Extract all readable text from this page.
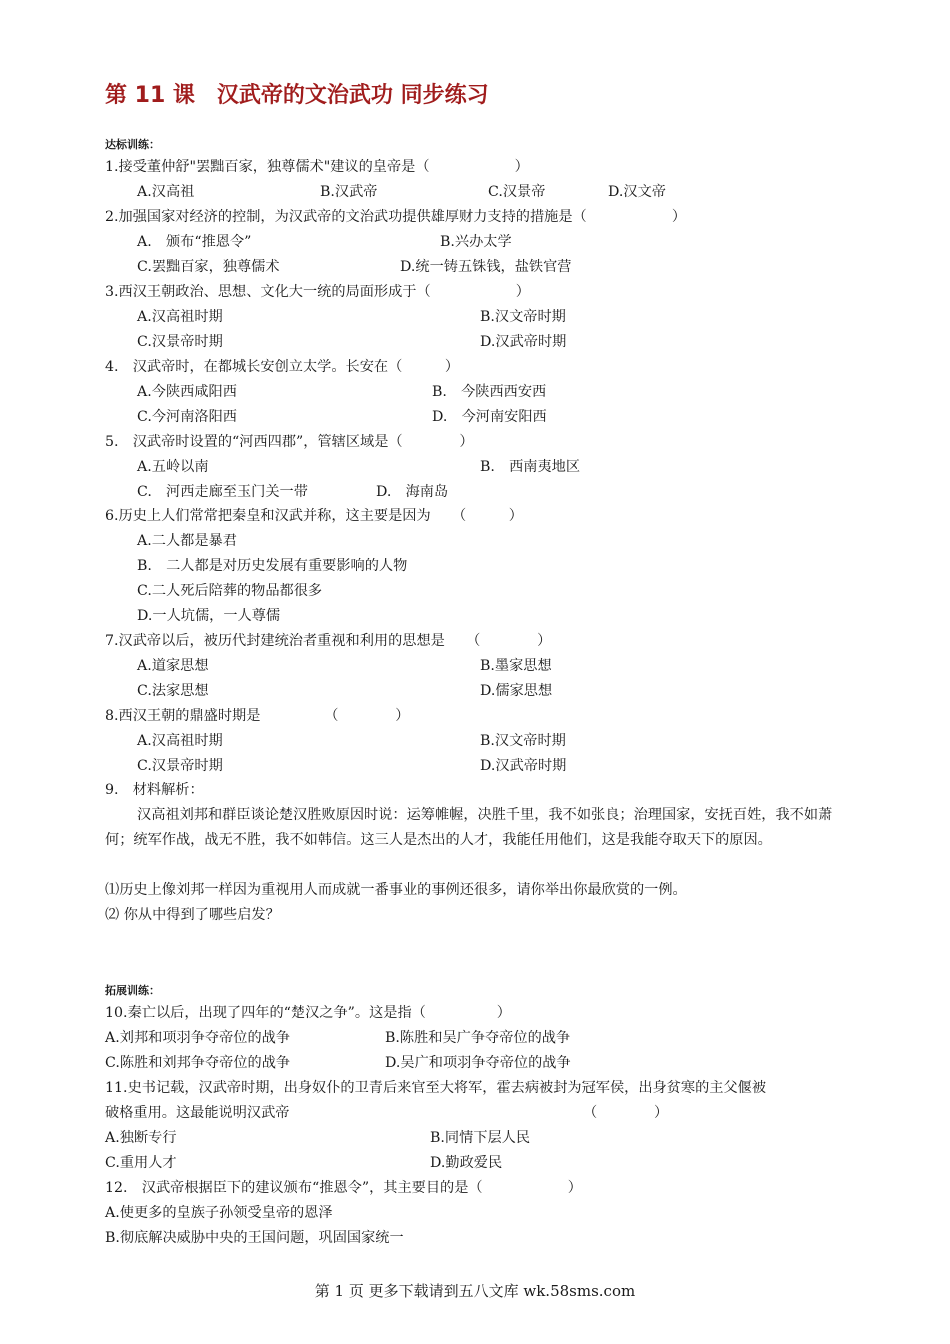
第 11 课　汉武帝的文治武功 同步练习
达标训练：
1.接受董仲舒"罢黜百家，独尊儒术"建议的皇帝是（　　　　　　）
A.汉高祖	B.汉武帝	C.汉景帝	D.汉文帝
2.加强国家对经济的控制，为汉武帝的文治武功提供雄厚财力支持的措施是（　　　　　　）
A.　颁布“推恩令”	B.兴办太学
C.罢黜百家，独尊儒术	D.统一铸五铢钱，盐铁官营
3.西汉王朝政治、思想、文化大一统的局面形成于（　　　　　　）
A.汉高祖时期	B.汉文帝时期
C.汉景帝时期	D.汉武帝时期
4.　汉武帝时，在都城长安创立太学。长安在（　　　）
A.今陕西咸阳西	B.　今陕西西安西
C.今河南洛阳西	D.　今河南安阳西
5.　汉武帝时设置的“河西四郡”，管辖区域是（　　　　）
A.五岭以南	B.　西南夷地区
C.　河西走廊至玉门关一带	D.　海南岛
6.历史上人们常常把秦皇和汉武并称，这主要是因为　　（　　　）
A.二人都是暴君
B.　二人都是对历史发展有重要影响的人物
C.二人死后陪葬的物品都很多
D.一人坑儒，一人尊儒
7.汉武帝以后，被历代封建统治者重视和利用的思想是　　（　　　　）
A.道家思想	B.墨家思想
C.法家思想	D.儒家思想
8.西汉王朝的鼎盛时期是　　　　　（　　　　）
A.汉高祖时期	B.汉文帝时期
C.汉景帝时期	D.汉武帝时期
9.　材料解析：
汉高祖刘邦和群臣谈论楚汉胜败原因时说：运筹帷幄，决胜千里，我不如张良；治理国家，安抚百姓，我不如萧何；统军作战，战无不胜，我不如韩信。这三人是杰出的人才，我能任用他们，这是我能夺取天下的原因。
⑴历史上像刘邦一样因为重视用人而成就一番事业的事例还很多，请你举出你最欣赏的一例。
⑵ 你从中得到了哪些启发？
拓展训练：
10.秦亡以后，出现了四年的“楚汉之争”。这是指（　　　　　）
A.刘邦和项羽争夺帝位的战争	B.陈胜和吴广争夺帝位的战争
C.陈胜和刘邦争夺帝位的战争	D.吴广和项羽争夺帝位的战争
11.史书记载，汉武帝时期，出身奴仆的卫青后来官至大将军，霍去病被封为冠军侯，出身贫寒的主父偃被
破格重用。这最能说明汉武帝	（　　　　）
A.独断专行	B.同情下层人民
C.重用人才	D.勤政爱民
12.　汉武帝根据臣下的建议颁布“推恩令”，其主要目的是（　　　　　　）
A.使更多的皇族子孙领受皇帝的恩泽
B.彻底解决威胁中央的王国问题，巩固国家统一
第 1 页 更多下载请到五八文库 wk.58sms.com
